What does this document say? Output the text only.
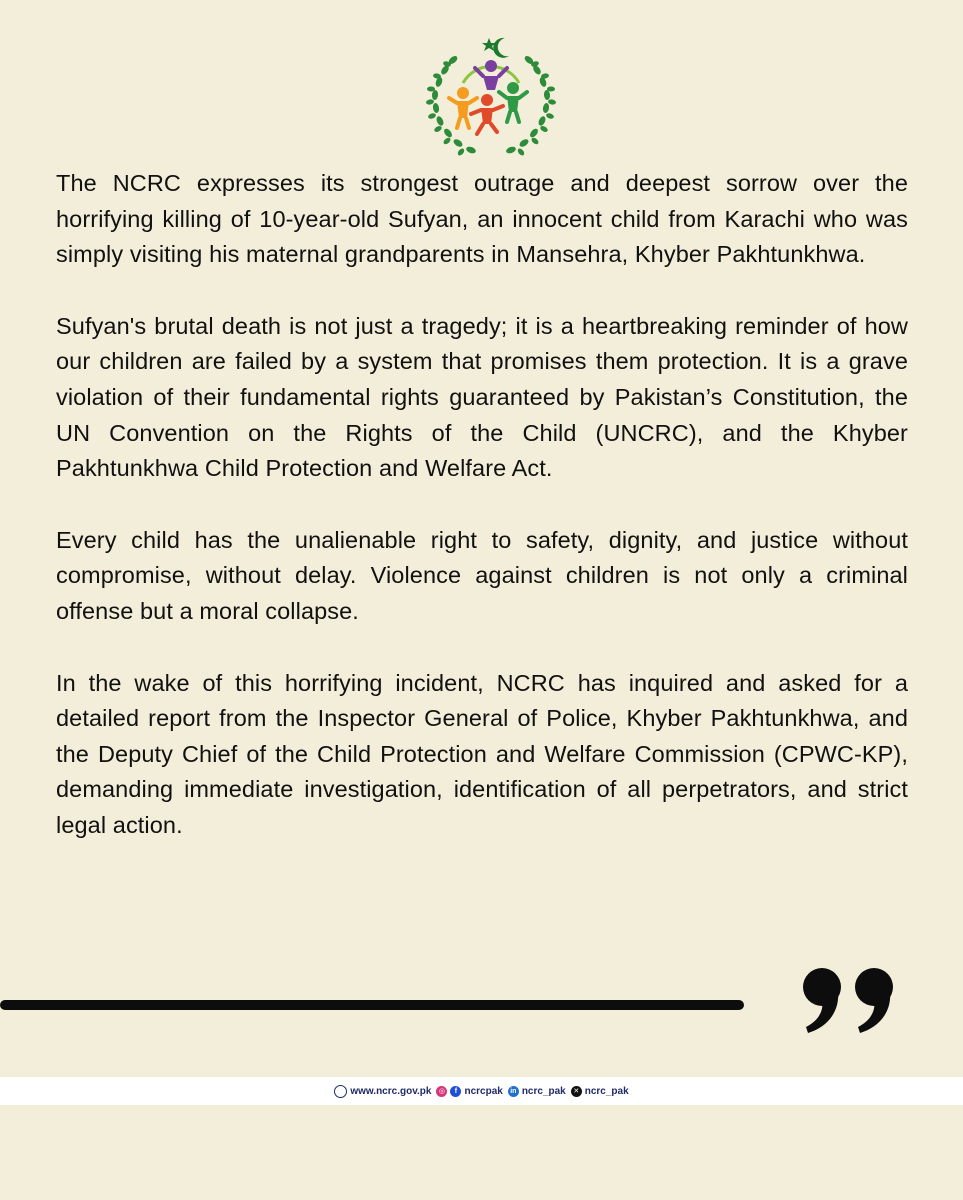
The NCRC expresses its strongest outrage and deepest sorrow over the horrifying killing of 10-year-old Sufyan, an innocent child from Karachi who was simply visiting his maternal grandparents in Mansehra, Khyber Pakhtunkhwa.

Sufyan's brutal death is not just a tragedy; it is a heartbreaking reminder of how our children are failed by a system that promises them protection. It is a grave violation of their fundamental rights guaranteed by Pakistan’s Constitution, the UN Convention on the Rights of the Child (UNCRC), and the Khyber Pakhtunkhwa Child Protection and Welfare Act.

Every child has the unalienable right to safety, dignity, and justice without compromise, without delay. Violence against children is not only a criminal offense but a moral collapse.

In the wake of this horrifying incident, NCRC has inquired and asked for a detailed report from the Inspector General of Police, Khyber Pakhtunkhwa, and the Deputy Chief of the Child Protection and Welfare Commission (CPWC-KP), demanding immediate investigation, identification of all perpetrators, and strict legal action.

www.ncrc.gov.pk	◎	f ncrcpak	in ncrc_pak	✕ ncrc_pak
